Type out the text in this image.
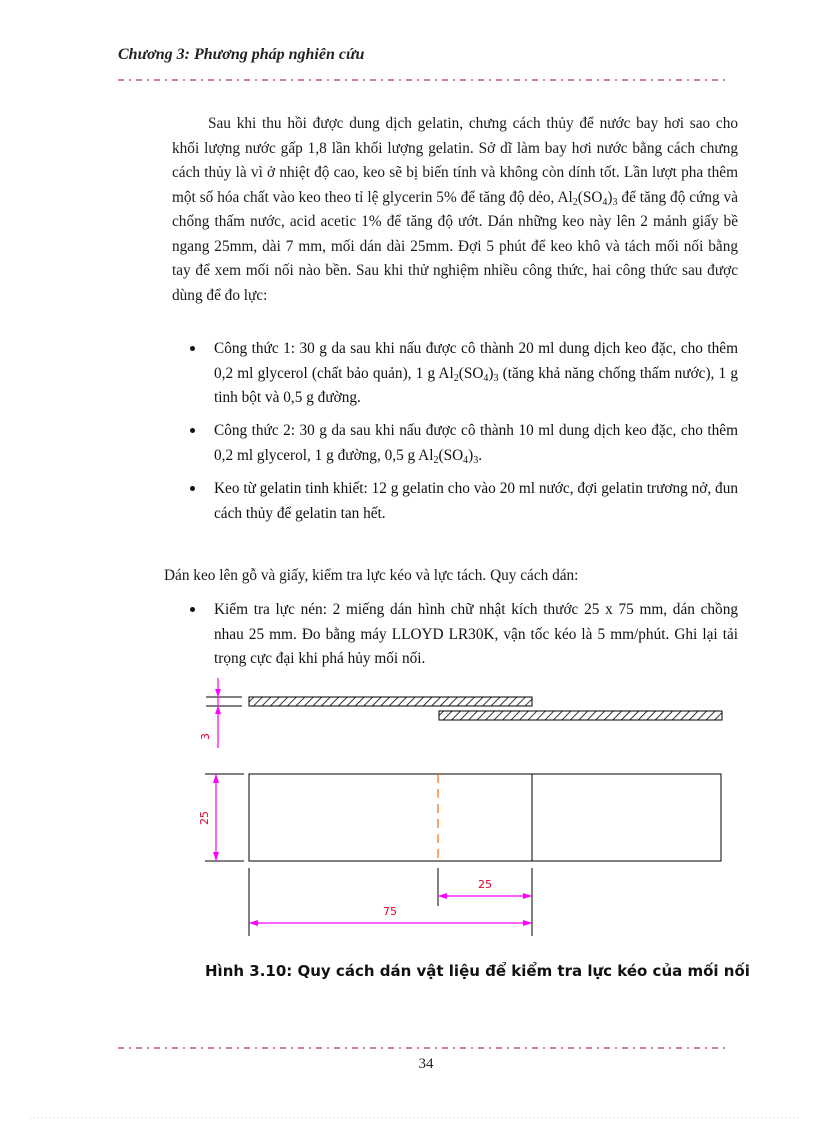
Chương 3: Phương pháp nghiên cứu
Sau khi thu hồi được dung dịch gelatin, chưng cách thủy để nước bay hơi sao cho khối lượng nước gấp 1,8 lần khối lượng gelatin. Sở dĩ làm bay hơi nước bằng cách chưng cách thủy là vì ở nhiệt độ cao, keo sẽ bị biến tính và không còn dính tốt. Lần lượt pha thêm một số hóa chất vào keo theo tỉ lệ glycerin 5% để tăng độ dẻo, $Al_2(SO_4)_3$ để tăng độ cứng và chống thấm nước, acid acetic 1% để tăng độ ướt. Dán những keo này lên 2 mảnh giấy bề ngang 25mm, dài 7 mm, mối dán dài 25mm. Đợi 5 phút để keo khô và tách mối nối bằng tay để xem mối nối nào bền. Sau khi thử nghiệm nhiều công thức, hai công thức sau được dùng để đo lực:
Công thức 1: 30 g da sau khi nấu được cô thành 20 ml dung dịch keo đặc, cho thêm 0,2 ml glycerol (chất bảo quản), 1 g $Al_2(SO_4)_3$ (tăng khả năng chống thấm nước), 1 g tinh bột và 0,5 g đường.
Công thức 2: 30 g da sau khi nấu được cô thành 10 ml dung dịch keo đặc, cho thêm 0,2 ml glycerol, 1 g đường, 0,5 g $Al_2(SO_4)_3$.
Keo từ gelatin tinh khiết: 12 g gelatin cho vào 20 ml nước, đợi gelatin trương nở, đun cách thủy để gelatin tan hết.
Dán keo lên gỗ và giấy, kiểm tra lực kéo và lực tách. Quy cách dán:
Kiểm tra lực nén: 2 miếng dán hình chữ nhật kích thước 25 x 75 mm, dán chồng nhau 25 mm. Đo bằng máy LLOYD LR30K, vận tốc kéo là 5 mm/phút. Ghi lại tải trọng cực đại khi phá hủy mối nối.
3
25
25
75
Hình 3.10: Quy cách dán vật liệu để kiểm tra lực kéo của mối nối
34
